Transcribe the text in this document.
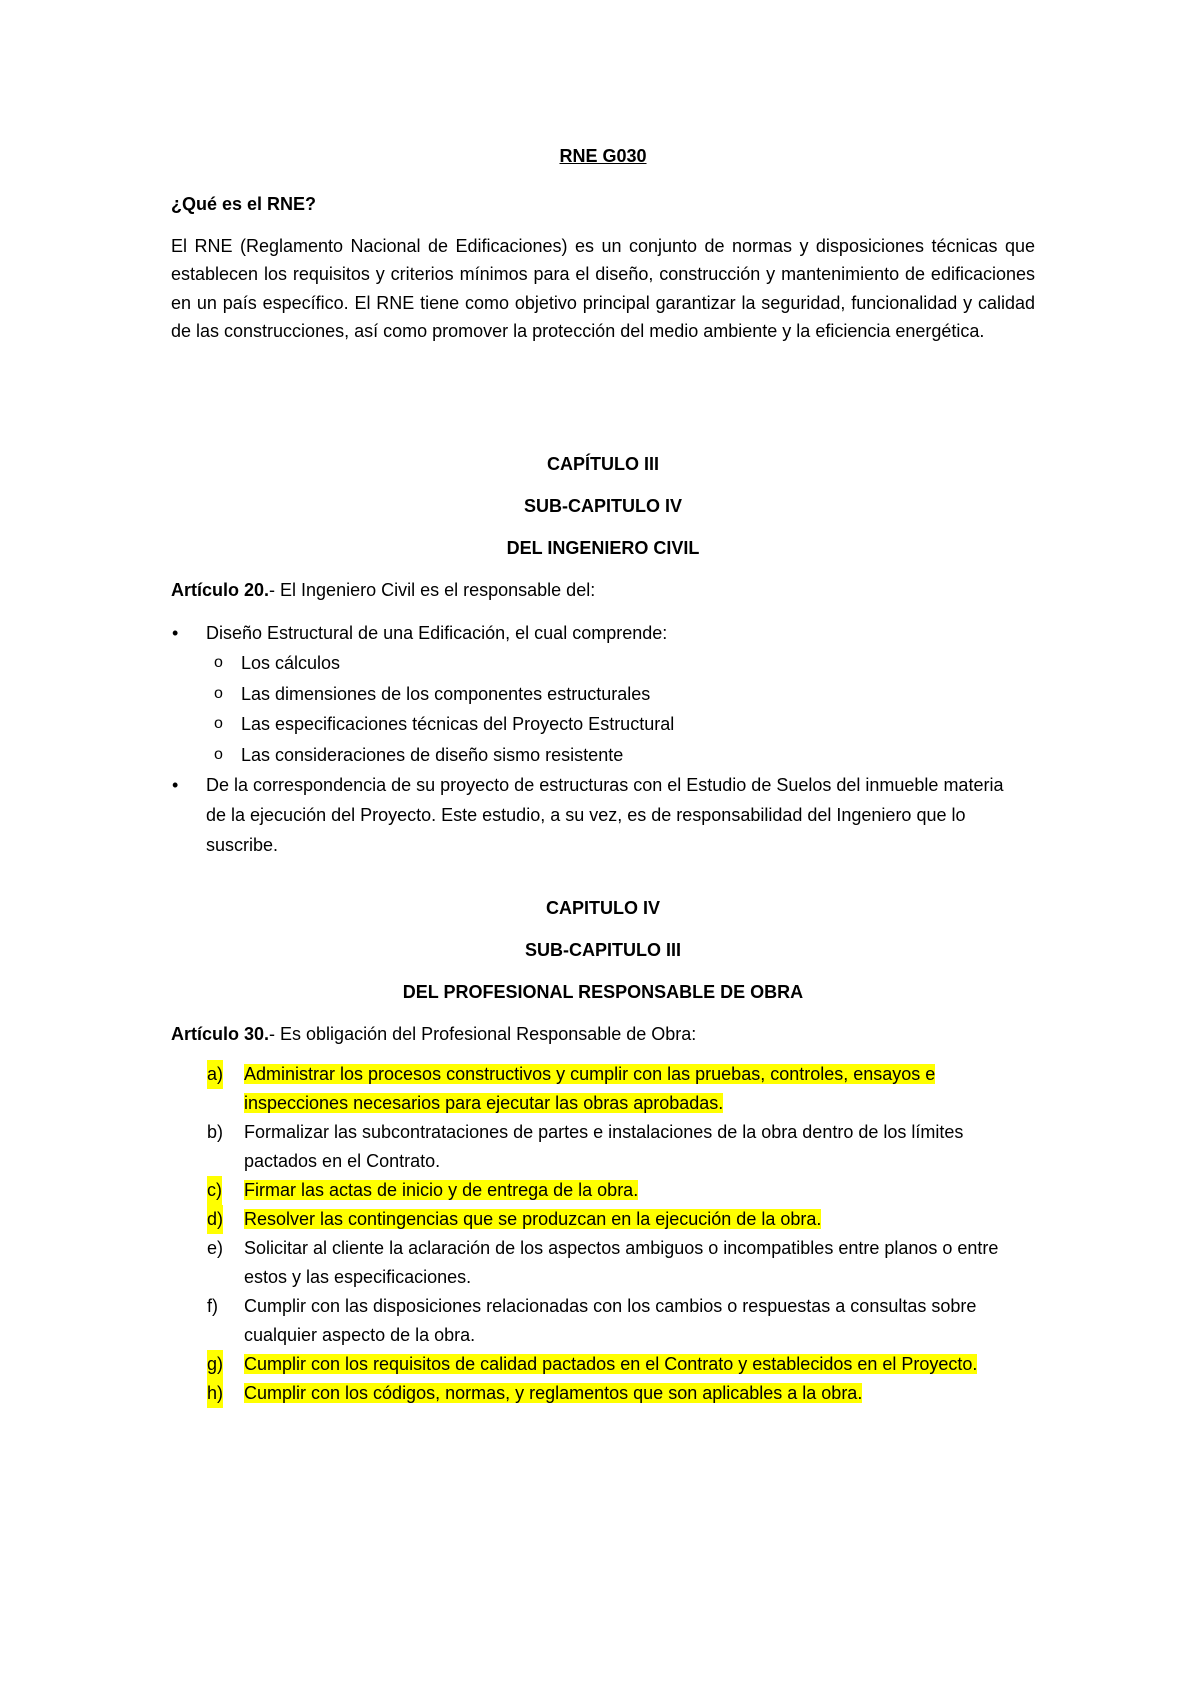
RNE G030
¿Qué es el RNE?

El RNE (Reglamento Nacional de Edificaciones) es un conjunto de normas y disposiciones técnicas que establecen los requisitos y criterios mínimos para el diseño, construcción y mantenimiento de edificaciones en un país específico. El RNE tiene como objetivo principal garantizar la seguridad, funcionalidad y calidad de las construcciones, así como promover la protección del medio ambiente y la eficiencia energética.

CAPÍTULO III
SUB-CAPITULO IV
DEL INGENIERO CIVIL
Artículo 20.- El Ingeniero Civil es el responsable del:
• Diseño Estructural de una Edificación, el cual comprende:
o Los cálculos
o Las dimensiones de los componentes estructurales
o Las especificaciones técnicas del Proyecto Estructural
o Las consideraciones de diseño sismo resistente
• De la correspondencia de su proyecto de estructuras con el Estudio de Suelos del inmueble materia de la ejecución del Proyecto. Este estudio, a su vez, es de responsabilidad del Ingeniero que lo suscribe.
CAPITULO IV
SUB-CAPITULO III
DEL PROFESIONAL RESPONSABLE DE OBRA
Artículo 30.- Es obligación del Profesional Responsable de Obra:
a) Administrar los procesos constructivos y cumplir con las pruebas, controles, ensayos e inspecciones necesarios para ejecutar las obras aprobadas.
b) Formalizar las subcontrataciones de partes e instalaciones de la obra dentro de los límites pactados en el Contrato.
c) Firmar las actas de inicio y de entrega de la obra.
d) Resolver las contingencias que se produzcan en la ejecución de la obra.
e) Solicitar al cliente la aclaración de los aspectos ambiguos o incompatibles entre planos o entre estos y las especificaciones.
f) Cumplir con las disposiciones relacionadas con los cambios o respuestas a consultas sobre cualquier aspecto de la obra.
g) Cumplir con los requisitos de calidad pactados en el Contrato y establecidos en el Proyecto.
h) Cumplir con los códigos, normas, y reglamentos que son aplicables a la obra.
